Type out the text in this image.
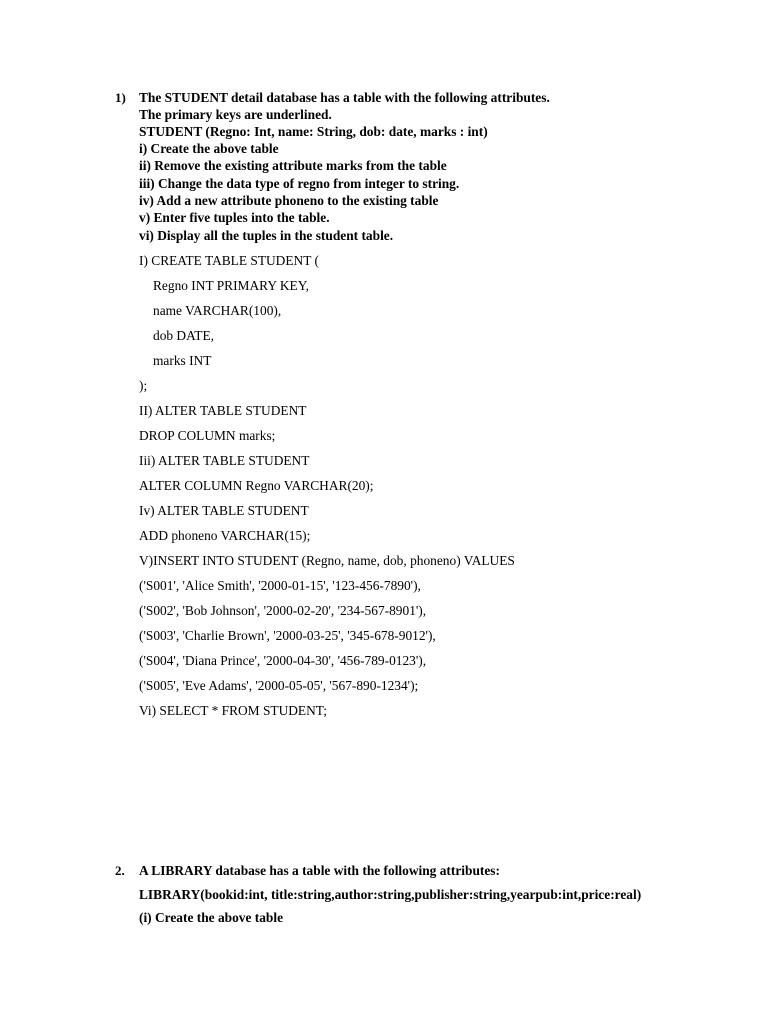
1) The STUDENT detail database has a table with the following attributes.
The primary keys are underlined.
STUDENT (Regno: Int, name: String, dob: date, marks : int)
i) Create the above table
ii) Remove the existing attribute marks from the table
iii) Change the data type of regno from integer to string.
iv) Add a new attribute phoneno to the existing table
v) Enter five tuples into the table.
vi) Display all the tuples in the student table.
I) CREATE TABLE STUDENT (
Regno INT PRIMARY KEY,
name VARCHAR(100),
dob DATE,
marks INT
);
II) ALTER TABLE STUDENT
DROP COLUMN marks;
Iii) ALTER TABLE STUDENT
ALTER COLUMN Regno VARCHAR(20);
Iv) ALTER TABLE STUDENT
ADD phoneno VARCHAR(15);
V)INSERT INTO STUDENT (Regno, name, dob, phoneno) VALUES
('S001', 'Alice Smith', '2000-01-15', '123-456-7890'),
('S002', 'Bob Johnson', '2000-02-20', '234-567-8901'),
('S003', 'Charlie Brown', '2000-03-25', '345-678-9012'),
('S004', 'Diana Prince', '2000-04-30', '456-789-0123'),
('S005', 'Eve Adams', '2000-05-05', '567-890-1234');
Vi) SELECT * FROM STUDENT;
2. A LIBRARY database has a table with the following attributes:
LIBRARY(bookid:int, title:string,author:string,publisher:string,yearpub:int,price:real)
(i) Create the above table
